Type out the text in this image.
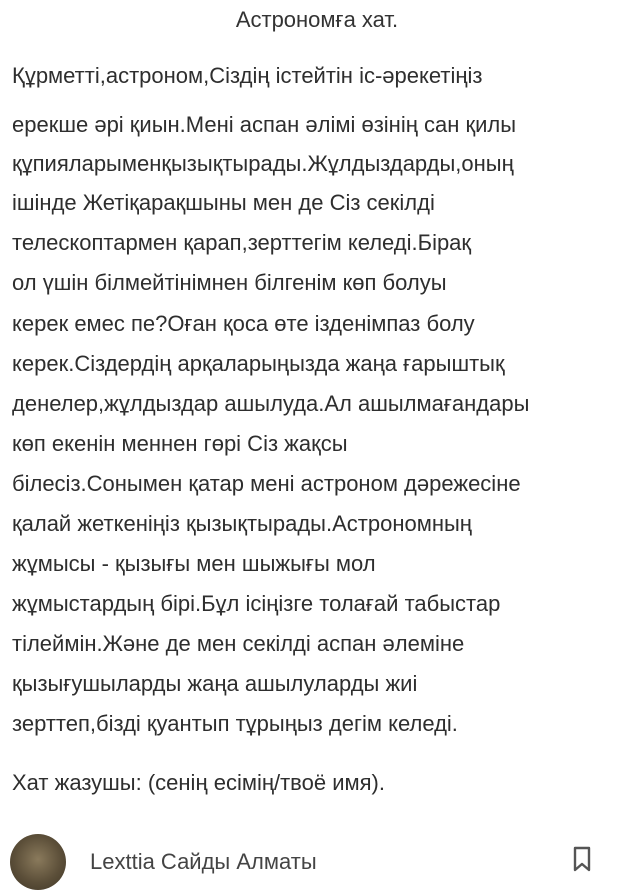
Астрономға хат.
Құрметті,астроном,Сіздің істейтін іс-әрекетіңіз
ерекше әрі қиын.Мені аспан әлімі өзінің сан қилы
құпияларыменқызықтырады.Жұлдыздарды,оның
ішінде Жетіқарақшыны мен де Сіз секілді
телескоптармен қарап,зерттегім келеді.Бірақ
ол үшін білмейтінімнен білгенім көп болуы
керек емес пе?Оған қоса өте ізденімпаз болу
керек.Сіздердің арқаларыңызда жаңа ғарыштық
денелер,жұлдыздар ашылуда.Ал ашылмағандары
көп екенін меннен гөрі Сіз жақсы
білесіз.Сонымен қатар мені астроном дәрежесіне
қалай жеткеніңіз қызықтырады.Астрономның
жұмысы - қызығы мен шыжығы мол
жұмыстардың бірі.Бұл ісіңізге толағай табыстар
тілеймін.Және де мен секілді аспан әлеміне
қызығушыларды жаңа ашылуларды жиі
зерттеп,бізді қуантып тұрыңыз дегім келеді.
Хат жазушы: (сенің есімің/твоё имя).
Lexttia Сайды Алматы
